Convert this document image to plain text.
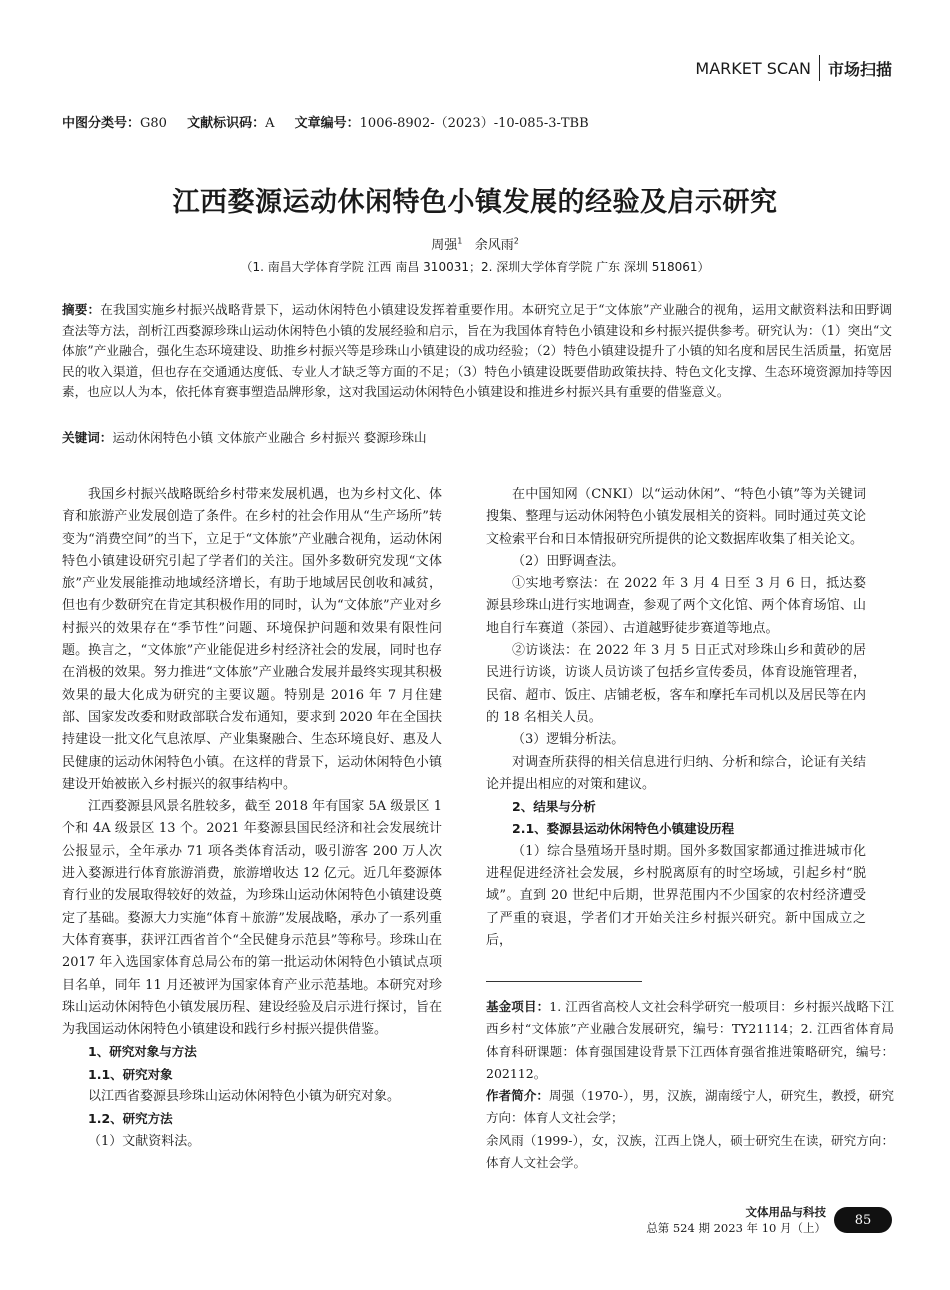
MARKET SCAN 市场扫描
中图分类号：G80 文献标识码：A 文章编号：1006-8902-（2023）-10-085-3-TBB
江西婺源运动休闲特色小镇发展的经验及启示研究
周强$^1$ 余风雨$^2$
（1. 南昌大学体育学院 江西 南昌 310031；2. 深圳大学体育学院 广东 深圳 518061）
摘要：在我国实施乡村振兴战略背景下，运动休闲特色小镇建设发挥着重要作用。本研究立足于“文体旅”产业融合的视角，运用文献资料法和田野调查法等方法，剖析江西婺源珍珠山运动休闲特色小镇的发展经验和启示，旨在为我国体育特色小镇建设和乡村振兴提供参考。研究认为：（1）突出“文体旅”产业融合，强化生态环境建设、助推乡村振兴等是珍珠山小镇建设的成功经验；（2）特色小镇建设提升了小镇的知名度和居民生活质量，拓宽居民的收入渠道，但也存在交通通达度低、专业人才缺乏等方面的不足；（3）特色小镇建设既要借助政策扶持、特色文化支撑、生态环境资源加持等因素，也应以人为本，依托体育赛事塑造品牌形象，这对我国运动休闲特色小镇建设和推进乡村振兴具有重要的借鉴意义。
关键词：运动休闲特色小镇 文体旅产业融合 乡村振兴 婺源珍珠山

我国乡村振兴战略既给乡村带来发展机遇，也为乡村文化、体育和旅游产业发展创造了条件。在乡村的社会作用从“生产场所”转变为“消费空间”的当下，立足于“文体旅”产业融合视角，运动休闲特色小镇建设研究引起了学者们的关注。国外多数研究发现“文体旅”产业发展能推动地域经济增长，有助于地域居民创收和减贫，但也有少数研究在肯定其积极作用的同时，认为“文体旅”产业对乡村振兴的效果存在“季节性”问题、环境保护问题和效果有限性问题。换言之，“文体旅”产业能促进乡村经济社会的发展，同时也存在消极的效果。努力推进“文体旅”产业融合发展并最终实现其积极效果的最大化成为研究的主要议题。特别是 2016 年 7 月住建部、国家发改委和财政部联合发布通知，要求到 2020 年在全国扶持建设一批文化气息浓厚、产业集聚融合、生态环境良好、惠及人民健康的运动休闲特色小镇。在这样的背景下，运动休闲特色小镇建设开始被嵌入乡村振兴的叙事结构中。

江西婺源县风景名胜较多，截至 2018 年有国家 5A 级景区 1 个和 4A 级景区 13 个。2021 年婺源县国民经济和社会发展统计公报显示，全年承办 71 项各类体育活动，吸引游客 200 万人次进入婺源进行体育旅游消费，旅游增收达 12 亿元。近几年婺源体育行业的发展取得较好的效益，为珍珠山运动休闲特色小镇建设奠定了基础。婺源大力实施“体育＋旅游”发展战略，承办了一系列重大体育赛事，获评江西省首个“全民健身示范县”等称号。珍珠山在 2017 年入选国家体育总局公布的第一批运动休闲特色小镇试点项目名单，同年 11 月还被评为国家体育产业示范基地。本研究对珍珠山运动休闲特色小镇发展历程、建设经验及启示进行探讨，旨在为我国运动休闲特色小镇建设和践行乡村振兴提供借鉴。

1、研究对象与方法
1.1、研究对象

以江西省婺源县珍珠山运动休闲特色小镇为研究对象。

1.2、研究方法

（1）文献资料法。

在中国知网（CNKI）以“运动休闲”、“特色小镇”等为关键词搜集、整理与运动休闲特色小镇发展相关的资料。同时通过英文论文检索平台和日本情报研究所提供的论文数据库收集了相关论文。

（2）田野调查法。

①实地考察法：在 2022 年 3 月 4 日至 3 月 6 日，抵达婺源县珍珠山进行实地调查，参观了两个文化馆、两个体育场馆、山地自行车赛道（茶园）、古道越野徒步赛道等地点。

②访谈法：在 2022 年 3 月 5 日正式对珍珠山乡和黄砂的居民进行访谈，访谈人员访谈了包括乡宣传委员，体育设施管理者，民宿、超市、饭庄、店铺老板，客车和摩托车司机以及居民等在内的 18 名相关人员。

（3）逻辑分析法。

对调查所获得的相关信息进行归纳、分析和综合，论证有关结论并提出相应的对策和建议。

2、结果与分析
2.1、婺源县运动休闲特色小镇建设历程

（1）综合垦殖场开垦时期。国外多数国家都通过推进城市化进程促进经济社会发展，乡村脱离原有的时空场域，引起乡村“脱域”。直到 20 世纪中后期，世界范围内不少国家的农村经济遭受了严重的衰退，学者们才开始关注乡村振兴研究。新中国成立之后，

基金项目：1. 江西省高校人文社会科学研究一般项目：乡村振兴战略下江西乡村“文体旅”产业融合发展研究，编号：TY21114；2. 江西省体育局体育科研课题：体育强国建设背景下江西体育强省推进策略研究，编号：202112。

作者简介：周强（1970-），男，汉族，湖南绥宁人，研究生，教授，研究方向：体育人文社会学；

余风雨（1999-），女，汉族，江西上饶人，硕士研究生在读，研究方向：体育人文社会学。

文体用品与科技
总第 524 期 2023 年 10 月（上）
85
